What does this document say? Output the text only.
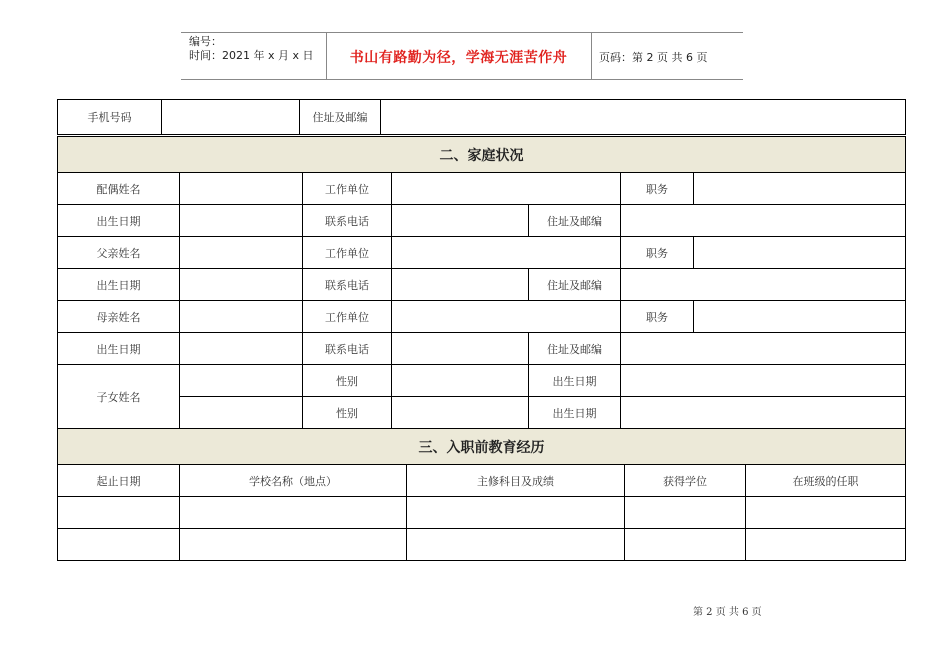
编号：
时间：2021 年 x 月 x 日	书山有路勤为径，学海无涯苦作舟	页码：第 2 页 共 6 页
手机号码		住址及邮编	
二、家庭状况						
配偶姓名		工作单位			职务	
出生日期		联系电话		住址及邮编		
父亲姓名		工作单位			职务	
出生日期		联系电话		住址及邮编		
母亲姓名		工作单位			职务	
出生日期		联系电话		住址及邮编		
子女姓名		性别		出生日期		
		性别		出生日期		
三、入职前教育经历				
起止日期	学校名称（地点）	主修科目及成绩	获得学位	在班级的任职

第 2 页 共 6 页
